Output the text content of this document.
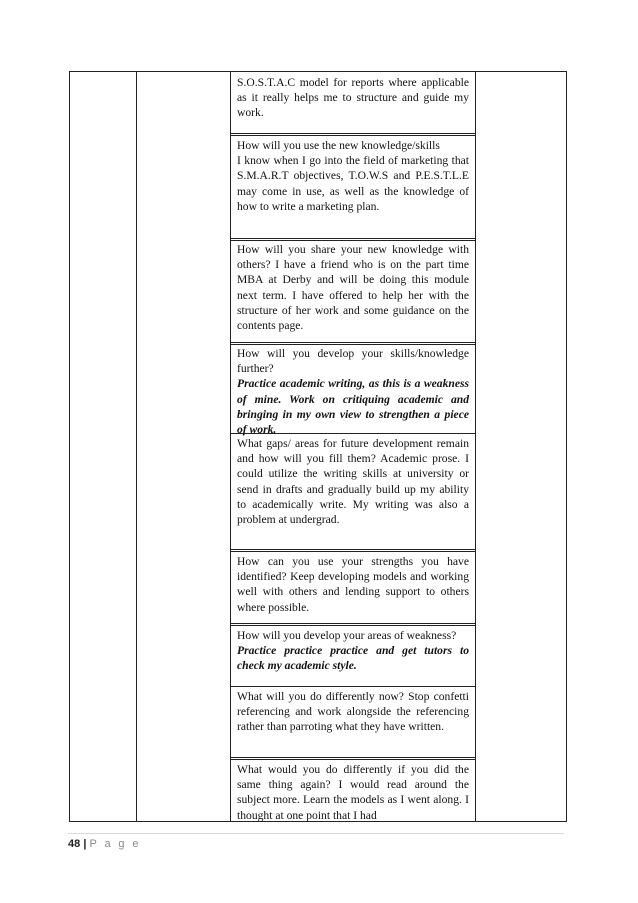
S.O.S.T.A.C model for reports where applicable as it really helps me to structure and guide my work.

How will you use the new knowledge/skills

I know when I go into the field of marketing that S.M.A.R.T objectives, T.O.W.S and P.E.S.T.L.E may come in use, as well as the knowledge of how to write a marketing plan.

How will you share your new knowledge with others? I have a friend who is on the part time MBA at Derby and will be doing this module next term. I have offered to help her with the structure of her work and some guidance on the contents page.

How will you develop your skills/knowledge further?

Practice academic writing, as this is a weakness of mine. Work on critiquing academic and bringing in my own view to strengthen a piece of work.

What gaps/ areas for future development remain and how will you fill them? Academic prose. I could utilize the writing skills at university or send in drafts and gradually build up my ability to academically write. My writing was also a problem at undergrad.

How can you use your strengths you have identified? Keep developing models and working well with others and lending support to others where possible.

How will you develop your areas of weakness?

Practice practice practice and get tutors to check my academic style.

What will you do differently now? Stop confetti referencing and work alongside the referencing rather than parroting what they have written.

What would you do differently if you did the same thing again? I would read around the subject more. Learn the models as I went along. I thought at one point that I had

48 | P a g e
